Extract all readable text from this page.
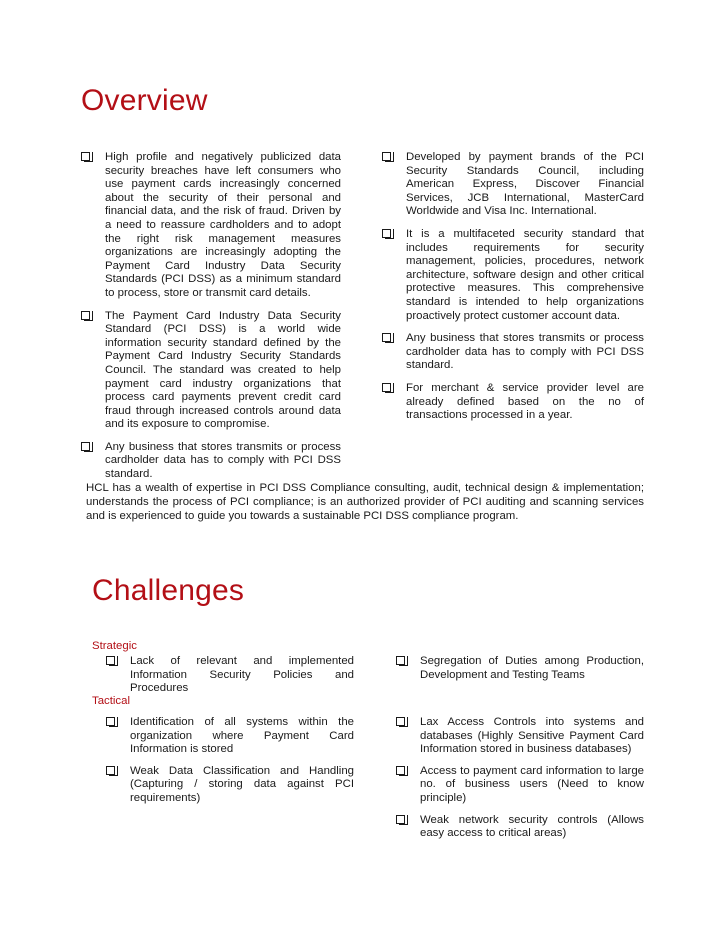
Overview
High profile and negatively publicized data security breaches have left consumers who use payment cards increasingly concerned about the security of their personal and financial data, and the risk of fraud. Driven by a need to reassure cardholders and to adopt the right risk management measures organizations are increasingly adopting the Payment Card Industry Data Security Standards (PCI DSS) as a minimum standard to process, store or transmit card details.
The Payment Card Industry Data Security Standard (PCI DSS) is a world wide information security standard defined by the Payment Card Industry Security Standards Council. The standard was created to help payment card industry organizations that process card payments prevent credit card fraud through increased controls around data and its exposure to compromise.
Any business that stores transmits or process cardholder data has to comply with PCI DSS standard.
Developed by payment brands of the PCI Security Standards Council, including American Express, Discover Financial Services, JCB International, MasterCard Worldwide and Visa Inc. International.
It is a multifaceted security standard that includes requirements for security management, policies, procedures, network architecture, software design and other critical protective measures. This comprehensive standard is intended to help organizations proactively protect customer account data.
Any business that stores transmits or process cardholder data has to comply with PCI DSS standard.
For merchant & service provider level are already defined based on the no of transactions processed in a year.
HCL has a wealth of expertise in PCI DSS Compliance consulting, audit, technical design & implementation; understands the process of PCI compliance; is an authorized provider of PCI auditing and scanning services and is experienced to guide you towards a sustainable PCI DSS compliance program.
Challenges
Strategic
Lack of relevant and implemented Information Security Policies and Procedures
Segregation of Duties among Production, Development and Testing Teams
Tactical
Identification of all systems within the organization where Payment Card Information is stored
Weak Data Classification and Handling (Capturing / storing data against PCI requirements)
Lax Access Controls into systems and databases (Highly Sensitive Payment Card Information stored in business databases)
Access to payment card information to large no. of business users (Need to know principle)
Weak network security controls (Allows easy access to critical areas)
